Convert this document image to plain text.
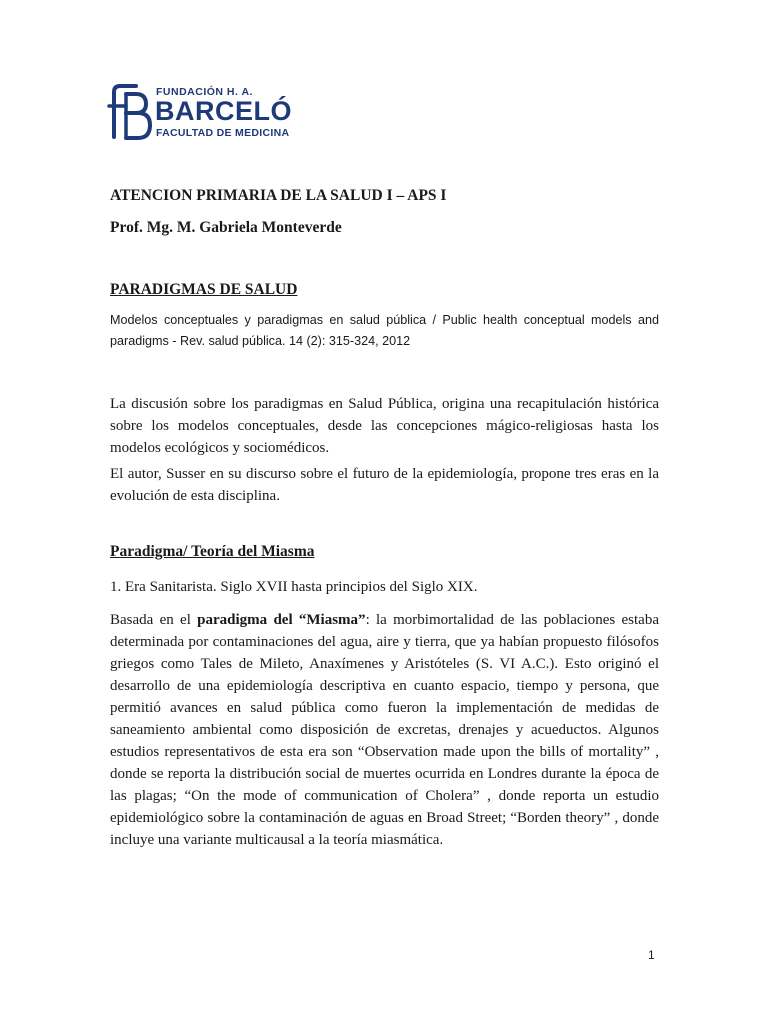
FUNDACIÓN H. A.
BARCELÓ
FACULTAD DE MEDICINA

ATENCION PRIMARIA DE LA SALUD I – APS I

Prof. Mg. M. Gabriela Monteverde

PARADIGMAS DE SALUD

Modelos conceptuales y paradigmas en salud pública / Public health conceptual models and paradigms - Rev. salud pública. 14 (2): 315-324, 2012

La discusión sobre los paradigmas en Salud Pública, origina una recapitulación histórica sobre los modelos conceptuales, desde las concepciones mágico-religiosas hasta los modelos ecológicos y sociomédicos.

El autor, Susser en su discurso sobre el futuro de la epidemiología, propone tres eras en la evolución de esta disciplina.

Paradigma/ Teoría del Miasma

1. Era Sanitarista. Siglo XVII hasta principios del Siglo XIX.

Basada en el paradigma del “Miasma”: la morbimortalidad de las poblaciones estaba determinada por contaminaciones del agua, aire y tierra, que ya habían propuesto filósofos griegos como Tales de Mileto, Anaxímenes y Aristóteles (S. VI A.C.). Esto originó el desarrollo de una epidemiología descriptiva en cuanto espacio, tiempo y persona, que permitió avances en salud pública como fueron la implementación de medidas de saneamiento ambiental como disposición de excretas, drenajes y acueductos. Algunos estudios representativos de esta era son “Observation made upon the bills of mortality” , donde se reporta la distribución social de muertes ocurrida en Londres durante la época de las plagas; “On the mode of communication of Cholera” , donde reporta un estudio epidemiológico sobre la contaminación de aguas en Broad Street; “Borden theory” , donde incluye una variante multicausal a la teoría miasmática.

1
